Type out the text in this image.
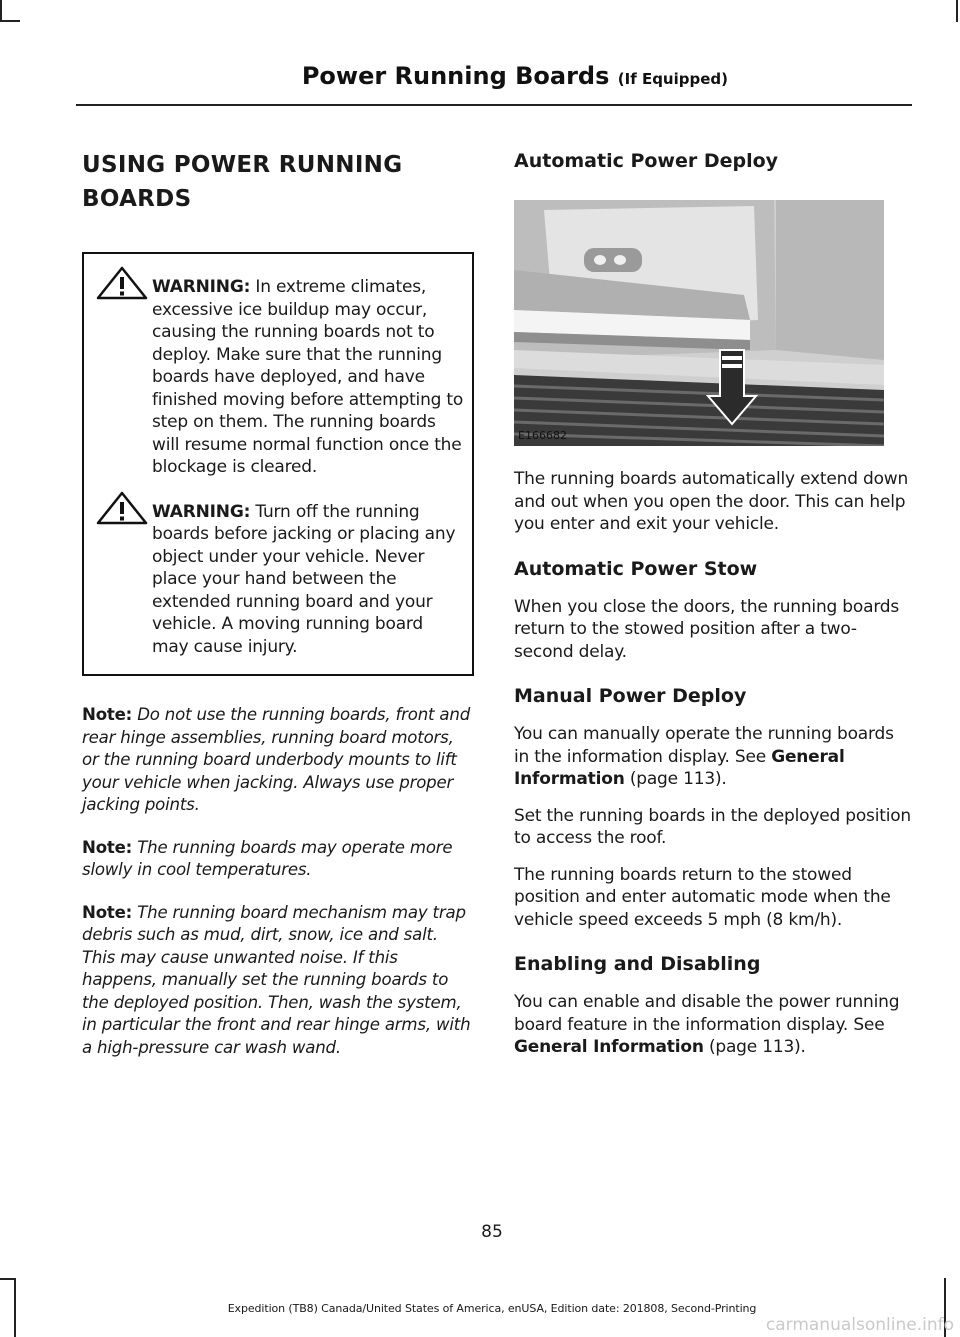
Power Running Boards (If Equipped)
USING POWER RUNNING
BOARDS
WARNING: In extreme climates, excessive ice buildup may occur, causing the running boards not to deploy. Make sure that the running boards have deployed, and have finished moving before attempting to step on them. The running boards will resume normal function once the blockage is cleared.
WARNING: Turn off the running boards before jacking or placing any object under your vehicle. Never place your hand between the extended running board and your vehicle. A moving running board may cause injury.

Note: Do not use the running boards, front and rear hinge assemblies, running board motors, or the running board underbody mounts to lift your vehicle when jacking. Always use proper jacking points.

Note: The running boards may operate more slowly in cool temperatures.

Note: The running board mechanism may trap debris such as mud, dirt, snow, ice and salt. This may cause unwanted noise. If this happens, manually set the running boards to the deployed position. Then, wash the system, in particular the front and rear hinge arms, with a high-pressure car wash wand.

Automatic Power Deploy
E166682

The running boards automatically extend down and out when you open the door. This can help you enter and exit your vehicle.

Automatic Power Stow

When you close the doors, the running boards return to the stowed position after a two-second delay.

Manual Power Deploy

You can manually operate the running boards in the information display. See General Information (page 113).

Set the running boards in the deployed position to access the roof.

The running boards return to the stowed position and enter automatic mode when the vehicle speed exceeds 5 mph (8 km/h).

Enabling and Disabling

You can enable and disable the power running board feature in the information display. See General Information (page 113).

85
Expedition (TB8) Canada/United States of America, enUSA, Edition date: 201808, Second-Printing
carmanualsonline.info
